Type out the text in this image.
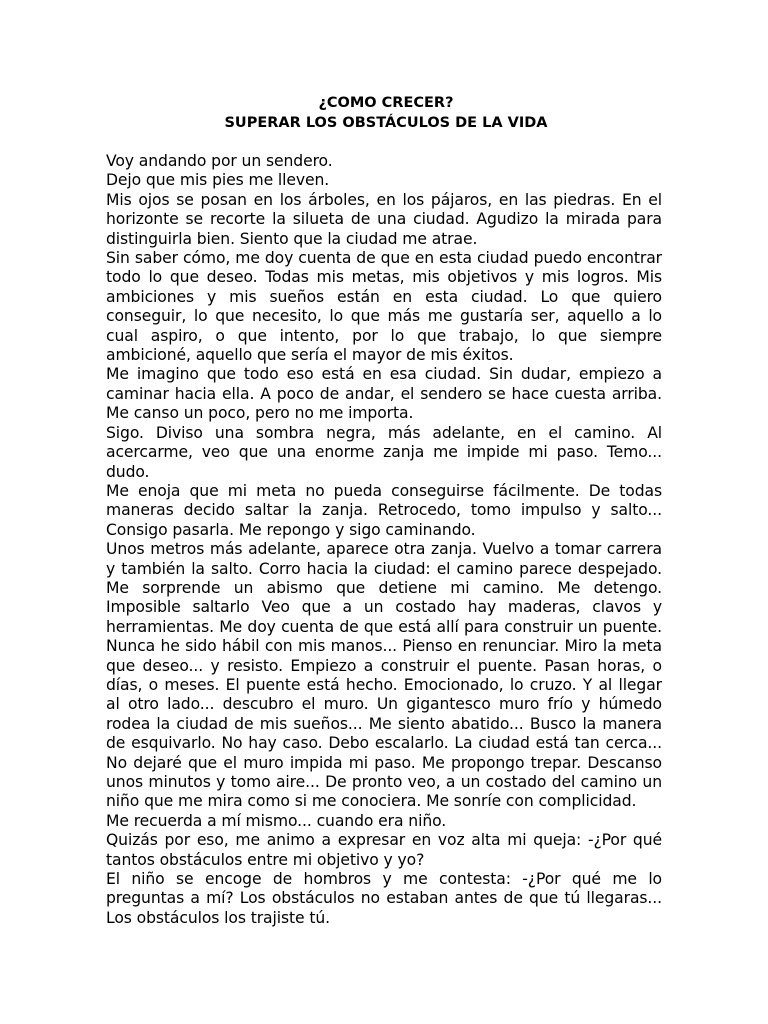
¿COMO CRECER?
SUPERAR LOS OBSTÁCULOS DE LA VIDA

Voy andando por un sendero.

Dejo que mis pies me lleven.

Mis ojos se posan en los árboles, en los pájaros, en las piedras. En el horizonte se recorte la silueta de una ciudad. Agudizo la mirada para distinguirla bien. Siento que la ciudad me atrae.

Sin saber cómo, me doy cuenta de que en esta ciudad puedo encontrar todo lo que deseo. Todas mis metas, mis objetivos y mis logros. Mis ambiciones y mis sueños están en esta ciudad. Lo que quiero conseguir, lo que necesito, lo que más me gustaría ser, aquello a lo cual aspiro, o que intento, por lo que trabajo, lo que siempre ambicioné, aquello que sería el mayor de mis éxitos.

Me imagino que todo eso está en esa ciudad. Sin dudar, empiezo a caminar hacia ella. A poco de andar, el sendero se hace cuesta arriba. Me canso un poco, pero no me importa.

Sigo. Diviso una sombra negra, más adelante, en el camino. Al acercarme, veo que una enorme zanja me impide mi paso. Temo... dudo.

Me enoja que mi meta no pueda conseguirse fácilmente. De todas maneras decido saltar la zanja. Retrocedo, tomo impulso y salto... Consigo pasarla. Me repongo y sigo caminando.

Unos metros más adelante, aparece otra zanja. Vuelvo a tomar carrera y también la salto. Corro hacia la ciudad: el camino parece despejado. Me sorprende un abismo que detiene mi camino. Me detengo. Imposible saltarlo Veo que a un costado hay maderas, clavos y herramientas. Me doy cuenta de que está allí para construir un puente. Nunca he sido hábil con mis manos... Pienso en renunciar. Miro la meta que deseo... y resisto. Empiezo a construir el puente. Pasan horas, o días, o meses. El puente está hecho. Emocionado, lo cruzo. Y al llegar al otro lado... descubro el muro. Un gigantesco muro frío y húmedo rodea la ciudad de mis sueños... Me siento abatido... Busco la manera de esquivarlo. No hay caso. Debo escalarlo. La ciudad está tan cerca... No dejaré que el muro impida mi paso. Me propongo trepar. Descanso unos minutos y tomo aire... De pronto veo, a un costado del camino un niño que me mira como si me conociera. Me sonríe con complicidad.

Me recuerda a mí mismo... cuando era niño.

Quizás por eso, me animo a expresar en voz alta mi queja: -¿Por qué tantos obstáculos entre mi objetivo y yo?

El niño se encoge de hombros y me contesta: -¿Por qué me lo preguntas a mí? Los obstáculos no estaban antes de que tú llegaras... Los obstáculos los trajiste tú.
